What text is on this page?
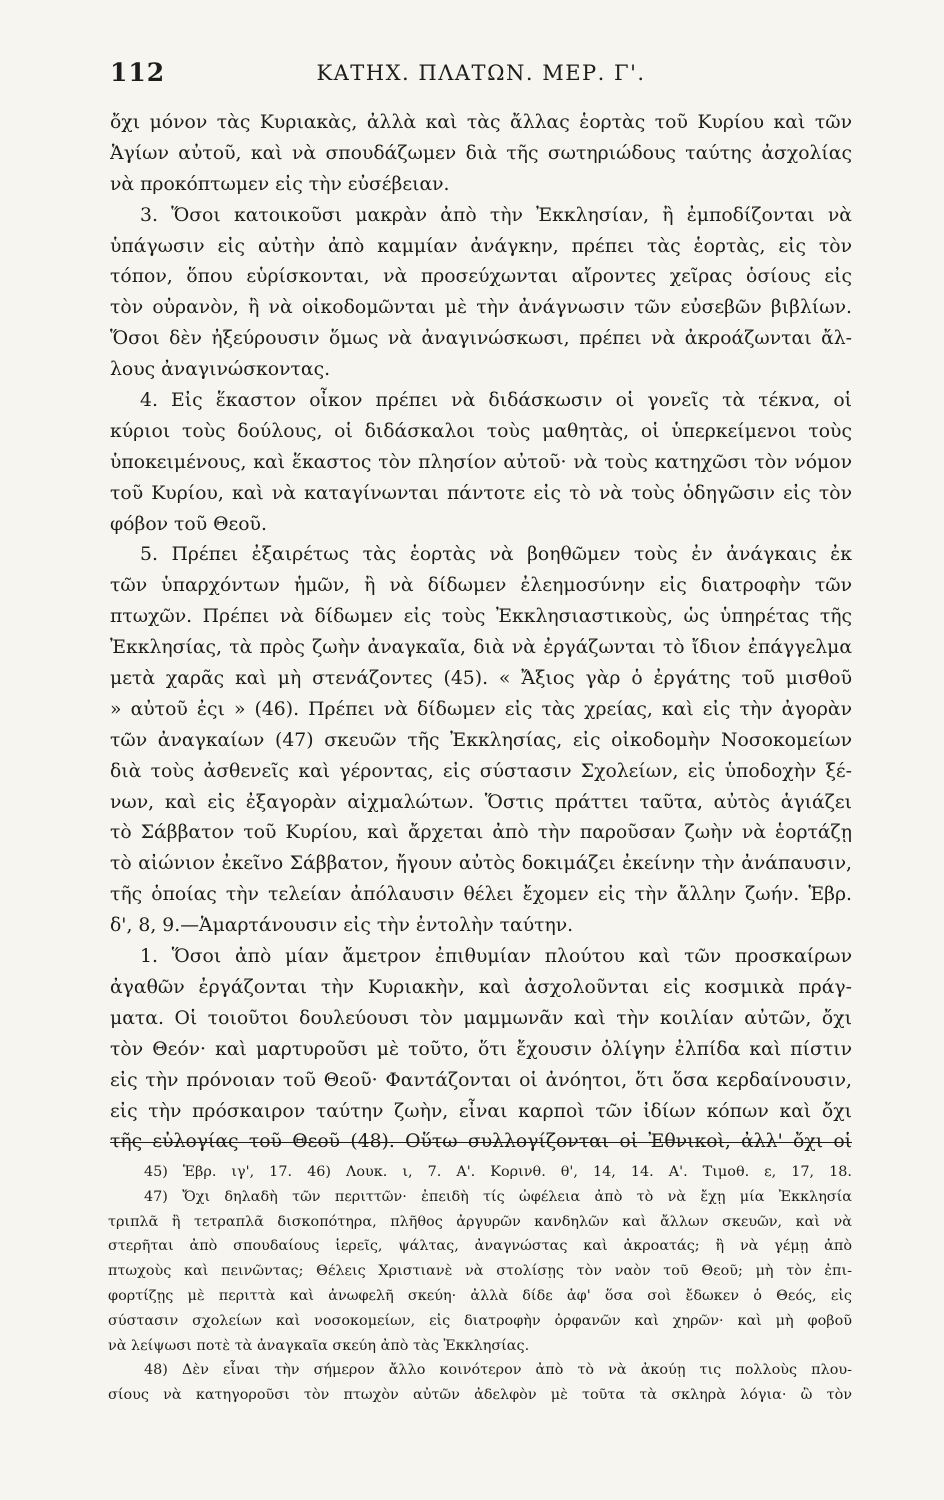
112	ΚΑΤΗΧ. ΠΛΑΤΩΝ. ΜΕΡ. Γ'.
ὄχι μόνον τὰς Κυριακὰς, ἀλλὰ καὶ τὰς ἄλλας ἑορτὰς τοῦ Κυρίου καὶ τῶν
Ἁγίων αὐτοῦ, καὶ νὰ σπουδάζωμεν διὰ τῆς σωτηριώδους ταύτης ἀσχολίας
νὰ προκόπτωμεν εἰς τὴν εὐσέβειαν.
3. Ὅσοι κατοικοῦσι μακρὰν ἀπὸ τὴν Ἐκκλησίαν, ἢ ἐμποδίζονται νὰ
ὑπάγωσιν εἰς αὐτὴν ἀπὸ καμμίαν ἀνάγκην, πρέπει τὰς ἑορτὰς, εἰς τὸν
τόπον, ὅπου εὑρίσκονται, νὰ προσεύχωνται αἴροντες χεῖρας ὁσίους εἰς
τὸν οὐρανὸν, ἢ νὰ οἰκοδομῶνται μὲ τὴν ἀνάγνωσιν τῶν εὐσεβῶν βιβλίων.
Ὅσοι δὲν ἠξεύρουσιν ὅμως νὰ ἀναγινώσκωσι, πρέπει νὰ ἀκροάζωνται ἄλ-
λους ἀναγινώσκοντας.
4. Εἰς ἕκαστον οἶκον πρέπει νὰ διδάσκωσιν οἱ γονεῖς τὰ τέκνα, οἱ
κύριοι τοὺς δούλους, οἱ διδάσκαλοι τοὺς μαθητὰς, οἱ ὑπερκείμενοι τοὺς
ὑποκειμένους, καὶ ἕκαστος τὸν πλησίον αὐτοῦ· νὰ τοὺς κατηχῶσι τὸν νόμον
τοῦ Κυρίου, καὶ νὰ καταγίνωνται πάντοτε εἰς τὸ νὰ τοὺς ὁδηγῶσιν εἰς τὸν
φόβον τοῦ Θεοῦ.
5. Πρέπει ἐξαιρέτως τὰς ἑορτὰς νὰ βοηθῶμεν τοὺς ἐν ἀνάγκαις ἐκ
τῶν ὑπαρχόντων ἡμῶν, ἢ νὰ δίδωμεν ἐλεημοσύνην εἰς διατροφὴν τῶν
πτωχῶν. Πρέπει νὰ δίδωμεν εἰς τοὺς Ἐκκλησιαστικοὺς, ὡς ὑπηρέτας τῆς
Ἐκκλησίας, τὰ πρὸς ζωὴν ἀναγκαῖα, διὰ νὰ ἐργάζωνται τὸ ἴδιον ἐπάγγελμα
μετὰ χαρᾶς καὶ μὴ στενάζοντες (45). « Ἄξιος γὰρ ὁ ἐργάτης τοῦ μισθοῦ
» αὐτοῦ ἐςι » (46). Πρέπει νὰ δίδωμεν εἰς τὰς χρείας, καὶ εἰς τὴν ἀγορὰν
τῶν ἀναγκαίων (47) σκευῶν τῆς Ἐκκλησίας, εἰς οἰκοδομὴν Νοσοκομείων
διὰ τοὺς ἀσθενεῖς καὶ γέροντας, εἰς σύστασιν Σχολείων, εἰς ὑποδοχὴν ξέ-
νων, καὶ εἰς ἐξαγορὰν αἰχμαλώτων. Ὅστις πράττει ταῦτα, αὐτὸς ἁγιάζει
τὸ Σάββατον τοῦ Κυρίου, καὶ ἄρχεται ἀπὸ τὴν παροῦσαν ζωὴν νὰ ἑορτάζῃ
τὸ αἰώνιον ἐκεῖνο Σάββατον, ἤγουν αὐτὸς δοκιμάζει ἐκείνην τὴν ἀνάπαυσιν,
τῆς ὁποίας τὴν τελείαν ἀπόλαυσιν θέλει ἔχομεν εἰς τὴν ἄλλην ζωήν. Ἑβρ.
δ', 8, 9.—Ἁμαρτάνουσιν εἰς τὴν ἐντολὴν ταύτην.
1. Ὅσοι ἀπὸ μίαν ἄμετρον ἐπιθυμίαν πλούτου καὶ τῶν προσκαίρων
ἀγαθῶν ἐργάζονται τὴν Κυριακὴν, καὶ ἀσχολοῦνται εἰς κοσμικὰ πράγ-
ματα. Οἱ τοιοῦτοι δουλεύουσι τὸν μαμμωνᾶν καὶ τὴν κοιλίαν αὐτῶν, ὄχι
τὸν Θεόν· καὶ μαρτυροῦσι μὲ τοῦτο, ὅτι ἔχουσιν ὀλίγην ἐλπίδα καὶ πίστιν
εἰς τὴν πρόνοιαν τοῦ Θεοῦ· Φαντάζονται οἱ ἀνόητοι, ὅτι ὅσα κερδαίνουσιν,
εἰς τὴν πρόσκαιρον ταύτην ζωὴν, εἶναι καρποὶ τῶν ἰδίων κόπων καὶ ὄχι
τῆς εὐλογίας τοῦ Θεοῦ (48). Οὕτω συλλογίζονται οἱ Ἐθνικοὶ, ἀλλ' ὄχι οἱ
45) Ἑβρ. ιγ', 17. 46) Λουκ. ι, 7. Α'. Κορινθ. θ', 14, 14. Α'. Τιμοθ. ε, 17, 18.
47) Ὄχι δηλαδὴ τῶν περιττῶν· ἐπειδὴ τίς ὠφέλεια ἀπὸ τὸ νὰ ἔχῃ μία Ἐκκλησία
τριπλᾶ ἢ τετραπλᾶ δισκοπότηρα, πλῆθος ἀργυρῶν κανδηλῶν καὶ ἄλλων σκευῶν, καὶ νὰ
στερῆται ἀπὸ σπουδαίους ἱερεῖς, ψάλτας, ἀναγνώστας καὶ ἀκροατάς; ἢ νὰ γέμῃ ἀπὸ
πτωχοὺς καὶ πεινῶντας; Θέλεις Χριστιανὲ νὰ στολίσῃς τὸν ναὸν τοῦ Θεοῦ; μὴ τὸν ἐπι-
φορτίζῃς μὲ περιττὰ καὶ ἀνωφελῆ σκεύη· ἀλλὰ δίδε ἀφ' ὅσα σοὶ ἔδωκεν ὁ Θεός, εἰς
σύστασιν σχολείων καὶ νοσοκομείων, εἰς διατροφὴν ὀρφανῶν καὶ χηρῶν· καὶ μὴ φοβοῦ
νὰ λείψωσι ποτὲ τὰ ἀναγκαῖα σκεύη ἀπὸ τὰς Ἐκκλησίας.
48) Δὲν εἶναι τὴν σήμερον ἄλλο κοινότερον ἀπὸ τὸ νὰ ἀκούῃ τις πολλοὺς πλου-
σίους νὰ κατηγοροῦσι τὸν πτωχὸν αὐτῶν ἀδελφὸν μὲ τοῦτα τὰ σκληρὰ λόγια· ὢ τὸν
